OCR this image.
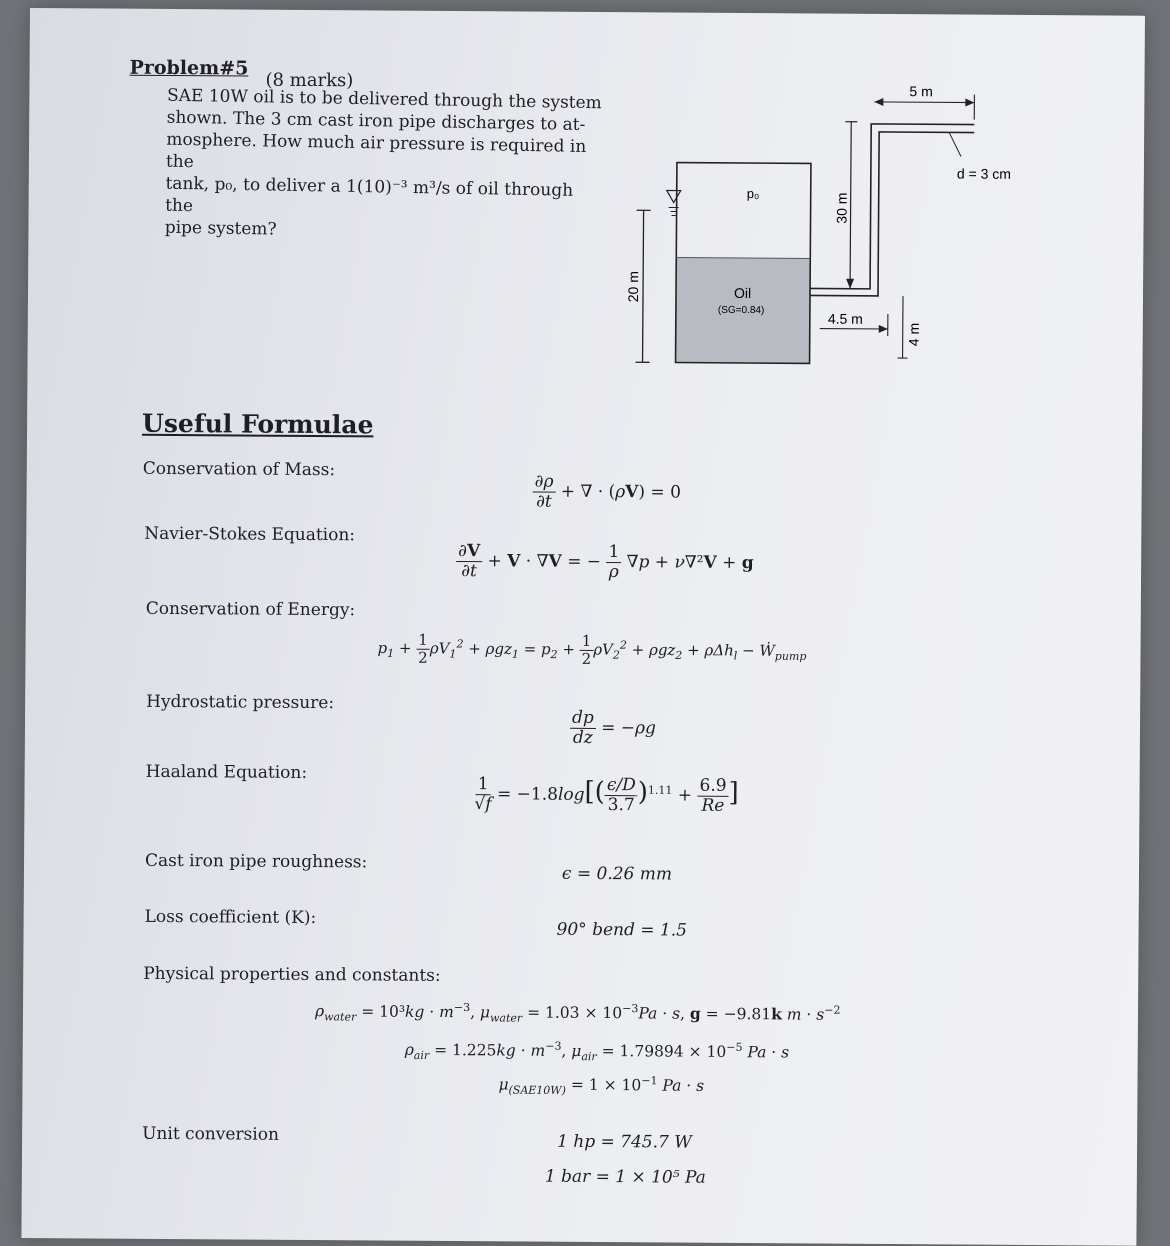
Problem#5
(8 marks)
SAE 10W oil is to be delivered through the system
shown. The 3 cm cast iron pipe discharges to at-
mosphere. How much air pressure is required in the
tank, p₀, to deliver a 1(10)⁻³ m³/s of oil through the
pipe system?
20 m
30 m
4.5 m
4 m
5 m
d = 3 cm
p₀
Oil
(SG=0.84)
Useful Formulae
Conservation of Mass:
$\frac{\partial\rho}{\partial t}$ + ∇ · (ρV) = 0
Navier-Stokes Equation:
$\frac{\partial V}{\partial t} + V \cdot \nabla V$ = − $\frac{1}{\rho} \nabla p + \nu\nabla^2V + g$
Conservation of Energy:
$p_1 + \frac{1}{2} \rho V_1^2 + \rho gz_1 = p_2 + \frac{1}{2} \rho V_2^2 + \rho gz_2 + \rho\Delta h_l$ − Ẇ$_{pump}$
Hydrostatic pressure:
$\frac{dp}{dz} = -\rho g$
Haaland Equation:
$\frac{1}{√f} = -1.8\log[( \frac{\epsilon/D}{3.7} )^{1.11} + \frac{6.9}{Re}$ ]
Cast iron pipe roughness:
ϵ = 0.26 mm
Loss coefficient (K):
90° bend = 1.5
Physical properties and constants:
$\rho_{water} = 10^3kg \cdot m^{-3}$, $\mu_{water} = 1.03 \times 10^{-3}Pa \cdot s$, g = −9.81k $m \cdot s^{-2}$
$\rho_{air} = 1.225kg \cdot m^{-3}$, $\mu_{air} = 1.79894 \times 10^{-5}$ Pa · s
$\mu_{(SAE10W)} = 1 \times 10^{-1}$ Pa · s
Unit conversion	1 hp = 745.7 W
1 bar = 1 × 10⁵ Pa
